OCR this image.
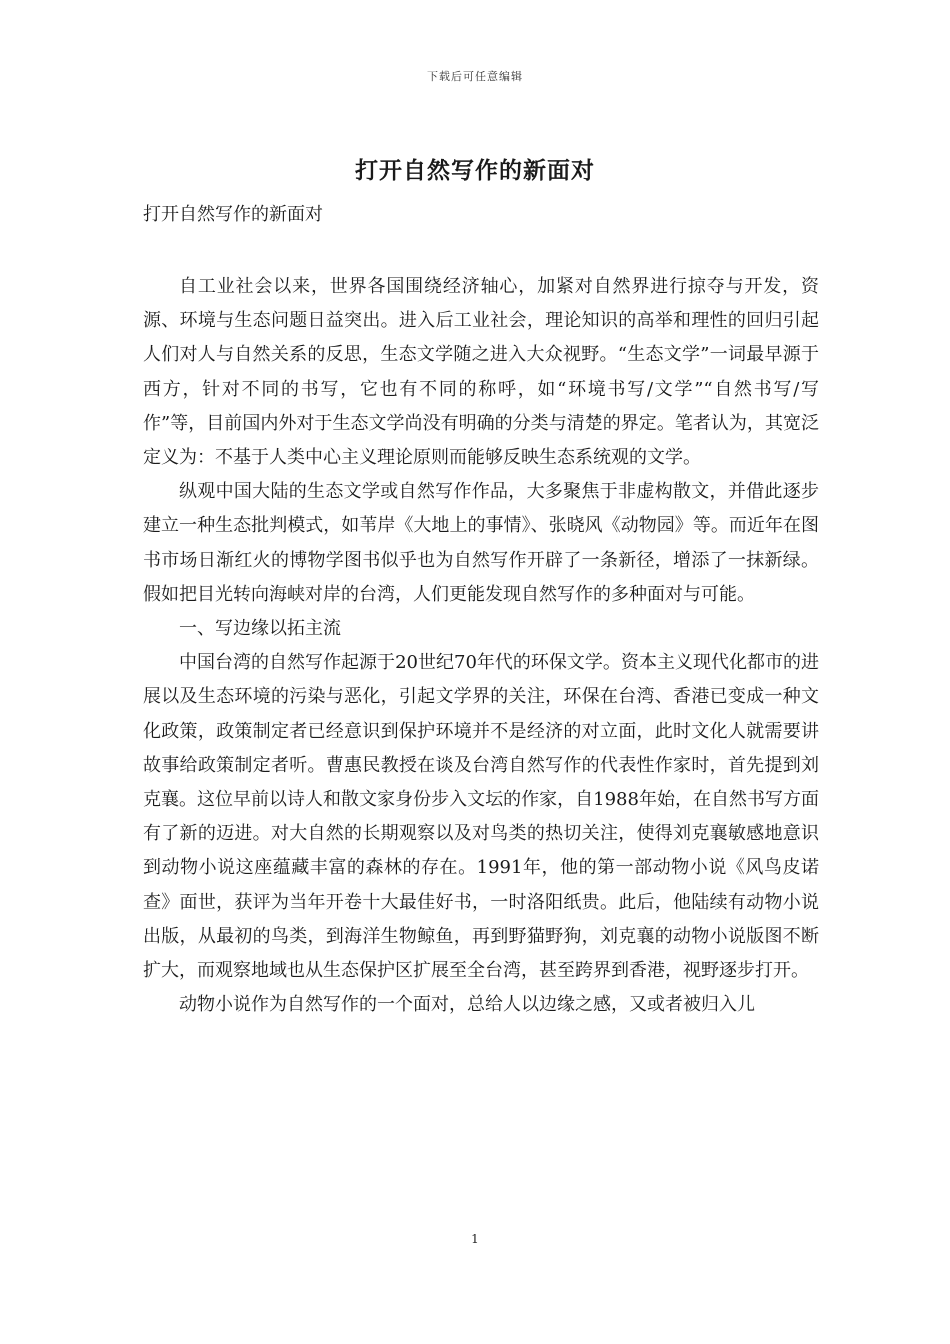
下载后可任意编辑
打开自然写作的新面对

打开自然写作的新面对

自工业社会以来，世界各国围绕经济轴心，加紧对自然界进行掠夺与开发，资源、环境与生态问题日益突出。进入后工业社会，理论知识的高举和理性的回归引起人们对人与自然关系的反思，生态文学随之进入大众视野。“生态文学”一词最早源于西方，针对不同的书写，它也有不同的称呼，如“环境书写/文学”“自然书写/写作”等，目前国内外对于生态文学尚没有明确的分类与清楚的界定。笔者认为，其宽泛定义为：不基于人类中心主义理论原则而能够反映生态系统观的文学。

纵观中国大陆的生态文学或自然写作作品，大多聚焦于非虚构散文，并借此逐步建立一种生态批判模式，如苇岸《大地上的事情》、张晓风《动物园》等。而近年在图书市场日渐红火的博物学图书似乎也为自然写作开辟了一条新径，增添了一抹新绿。假如把目光转向海峡对岸的台湾，人们更能发现自然写作的多种面对与可能。

一、写边缘以拓主流

中国台湾的自然写作起源于20世纪70年代的环保文学。资本主义现代化都市的进展以及生态环境的污染与恶化，引起文学界的关注，环保在台湾、香港已变成一种文化政策，政策制定者已经意识到保护环境并不是经济的对立面，此时文化人就需要讲故事给政策制定者听。曹惠民教授在谈及台湾自然写作的代表性作家时，首先提到刘克襄。这位早前以诗人和散文家身份步入文坛的作家，自1988年始，在自然书写方面有了新的迈进。对大自然的长期观察以及对鸟类的热切关注，使得刘克襄敏感地意识到动物小说这座蕴藏丰富的森林的存在。1991年，他的第一部动物小说《风鸟皮诺查》面世，获评为当年开卷十大最佳好书，一时洛阳纸贵。此后，他陆续有动物小说出版，从最初的鸟类，到海洋生物鲸鱼，再到野猫野狗，刘克襄的动物小说版图不断扩大，而观察地域也从生态保护区扩展至全台湾，甚至跨界到香港，视野逐步打开。

动物小说作为自然写作的一个面对，总给人以边缘之感，又或者被归入儿

1
